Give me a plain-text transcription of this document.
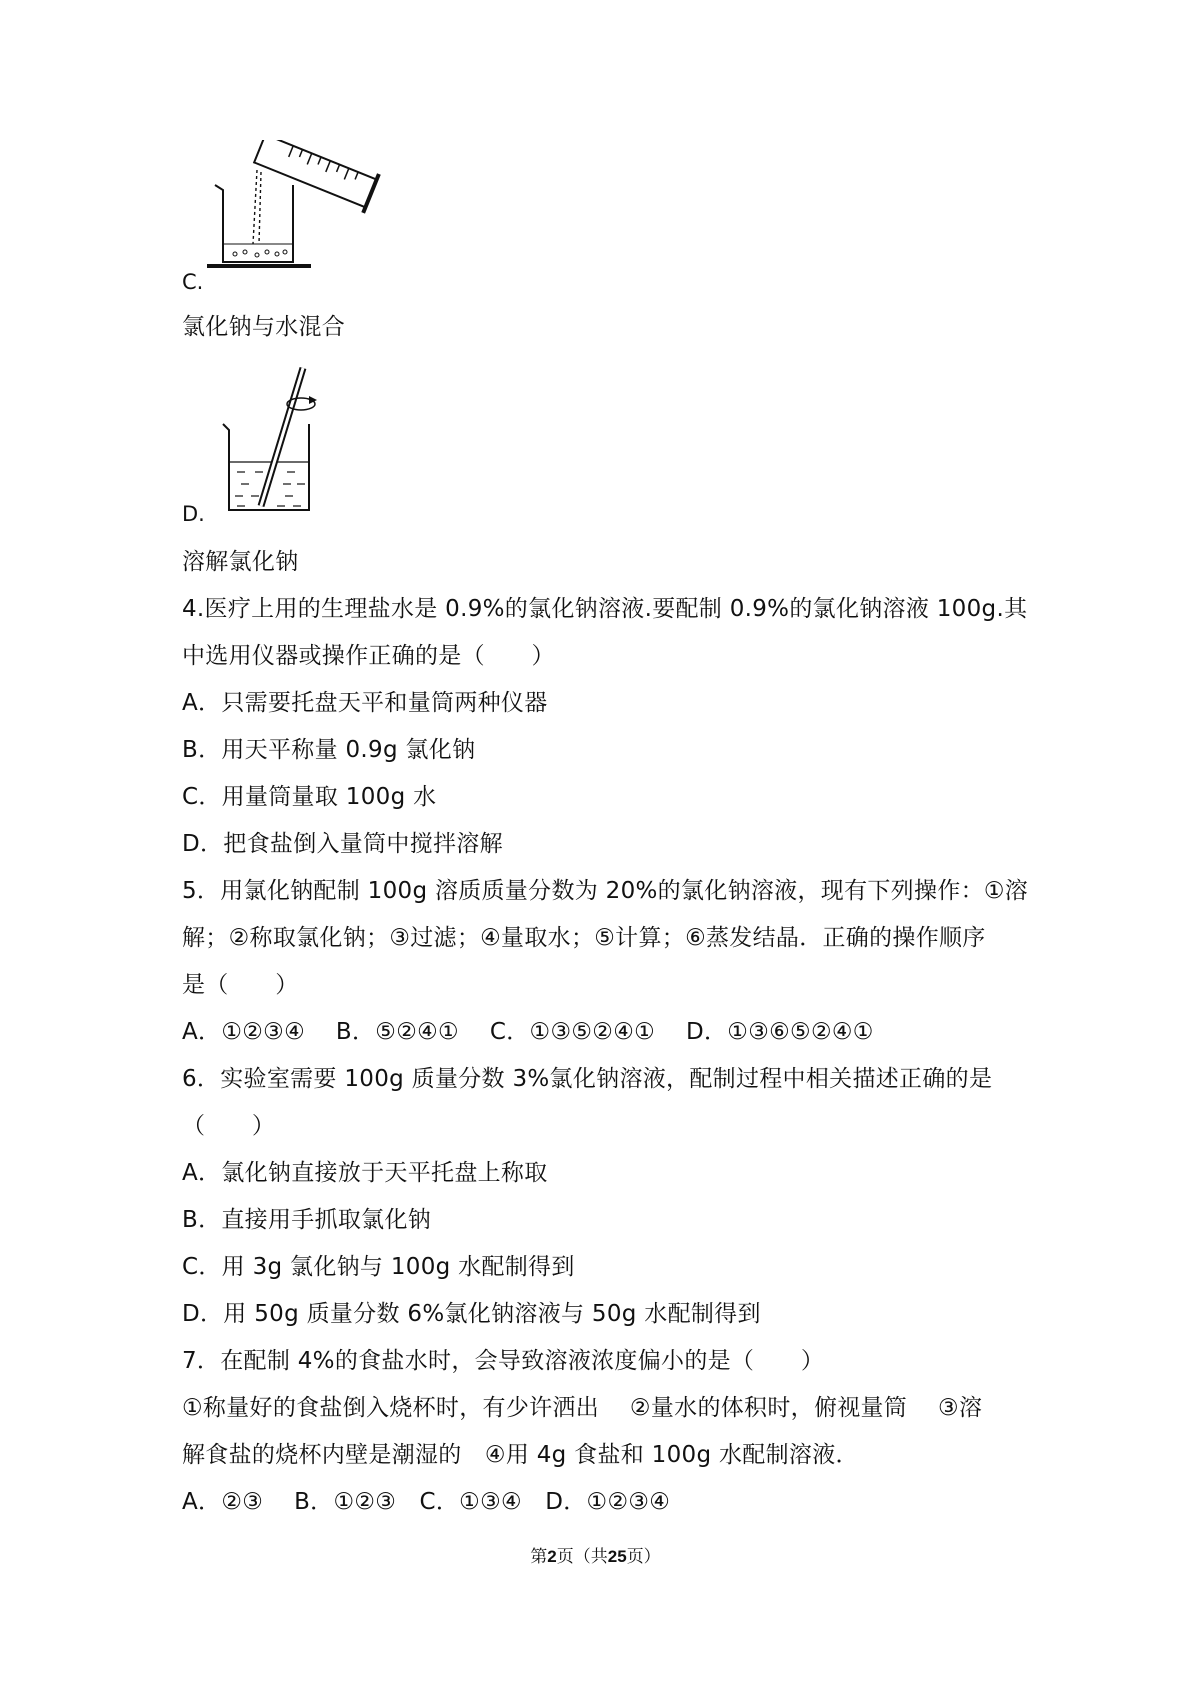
C.
氯化钠与水混合
D.
溶解氯化钠
4.医疗上用的生理盐水是 0.9%的氯化钠溶液.要配制 0.9%的氯化钠溶液 100g.其
中选用仪器或操作正确的是（　　）
A．只需要托盘天平和量筒两种仪器
B．用天平称量 0.9g 氯化钠
C．用量筒量取 100g 水
D．把食盐倒入量筒中搅拌溶解
5．用氯化钠配制 100g 溶质质量分数为 20%的氯化钠溶液，现有下列操作：①溶
解；②称取氯化钠；③过滤；④量取水；⑤计算；⑥蒸发结晶．正确的操作顺序
是（　　）
A．①②③④　 B．⑤②④①　 C．①③⑤②④①　 D．①③⑥⑤②④①
6．实验室需要 100g 质量分数 3%氯化钠溶液，配制过程中相关描述正确的是
（　　）
A．氯化钠直接放于天平托盘上称取
B．直接用手抓取氯化钠
C．用 3g 氯化钠与 100g 水配制得到
D．用 50g 质量分数 6%氯化钠溶液与 50g 水配制得到
7．在配制 4%的食盐水时，会导致溶液浓度偏小的是（　　）
①称量好的食盐倒入烧杯时，有少许洒出　 ②量水的体积时，俯视量筒　 ③溶
解食盐的烧杯内壁是潮湿的　④用 4g 食盐和 100g 水配制溶液．
A．②③　 B．①②③　C．①③④　D．①②③④
第2页（共25页）
